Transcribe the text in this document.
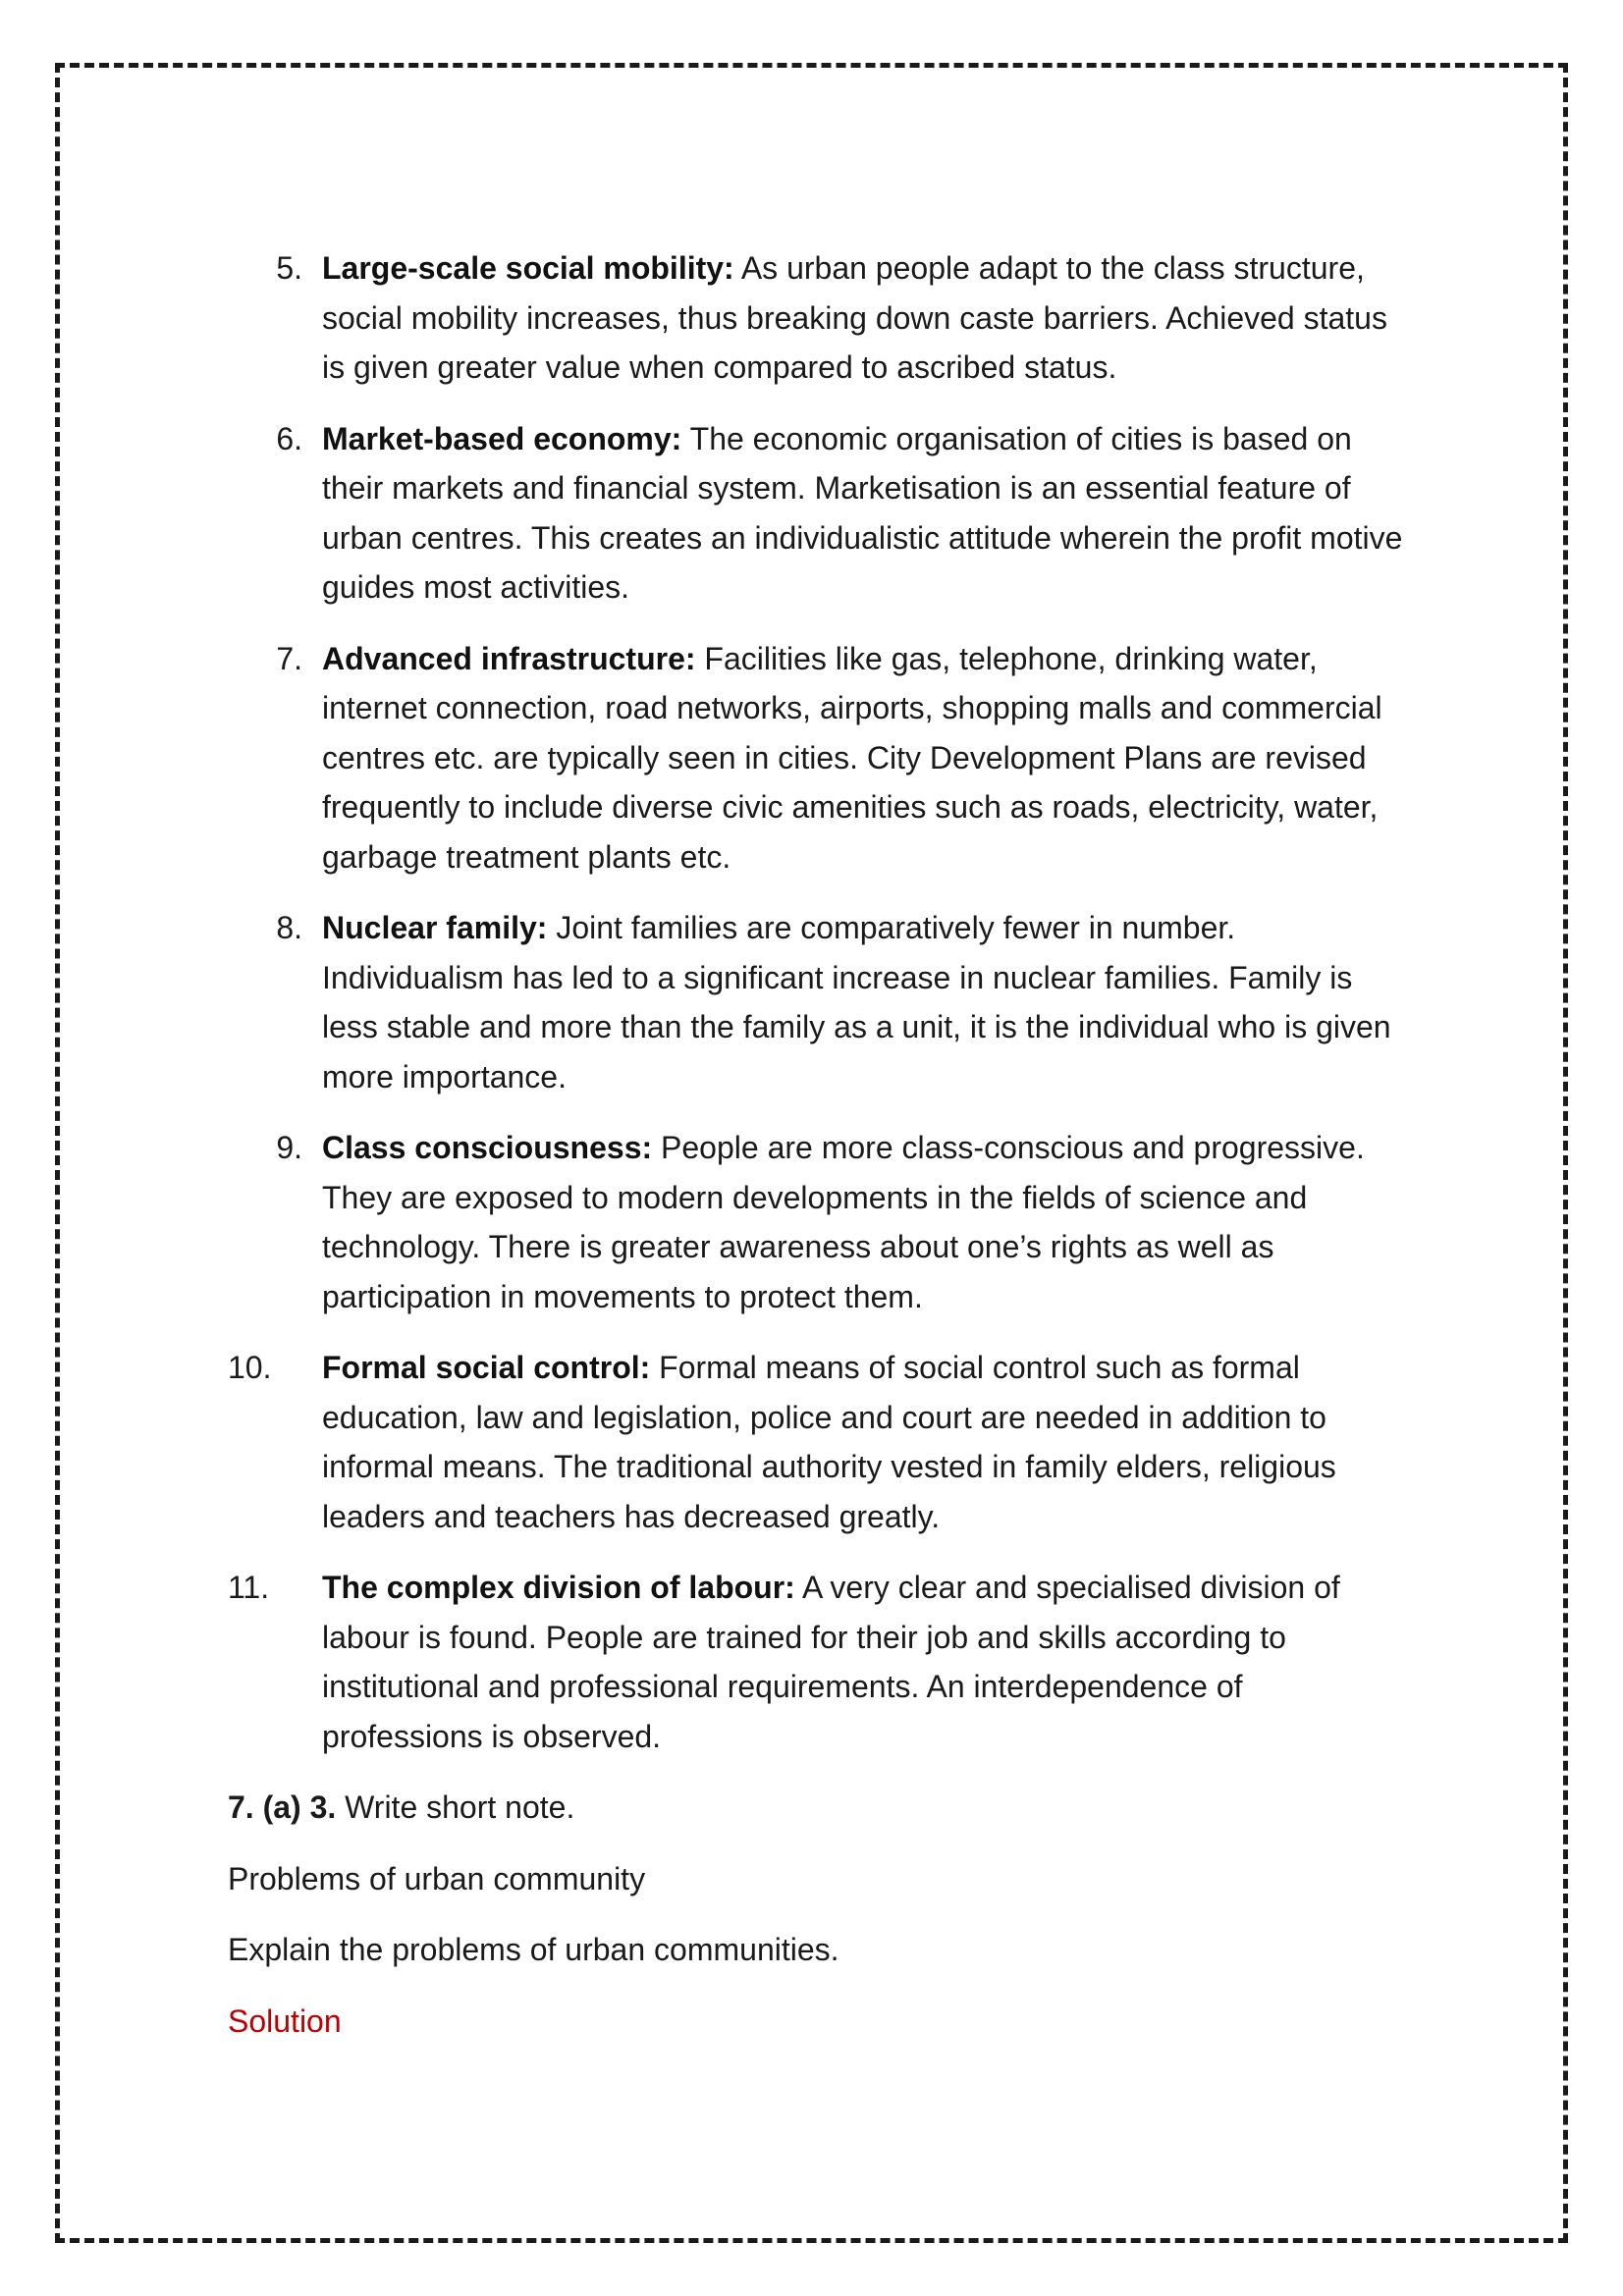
5. Large-scale social mobility: As urban people adapt to the class structure, social mobility increases, thus breaking down caste barriers. Achieved status is given greater value when compared to ascribed status.
6. Market-based economy: The economic organisation of cities is based on their markets and financial system. Marketisation is an essential feature of urban centres. This creates an individualistic attitude wherein the profit motive guides most activities.
7. Advanced infrastructure: Facilities like gas, telephone, drinking water, internet connection, road networks, airports, shopping malls and commercial centres etc. are typically seen in cities. City Development Plans are revised frequently to include diverse civic amenities such as roads, electricity, water, garbage treatment plants etc.
8. Nuclear family: Joint families are comparatively fewer in number. Individualism has led to a significant increase in nuclear families. Family is less stable and more than the family as a unit, it is the individual who is given more importance.
9. Class consciousness: People are more class-conscious and progressive. They are exposed to modern developments in the fields of science and technology. There is greater awareness about one’s rights as well as participation in movements to protect them.
10.	Formal social control: Formal means of social control such as formal education, law and legislation, police and court are needed in addition to informal means. The traditional authority vested in family elders, religious leaders and teachers has decreased greatly.
11.	The complex division of labour: A very clear and specialised division of labour is found. People are trained for their job and skills according to institutional and professional requirements. An interdependence of professions is observed.

7. (a) 3. Write short note.

Problems of urban community

Explain the problems of urban communities.

Solution
